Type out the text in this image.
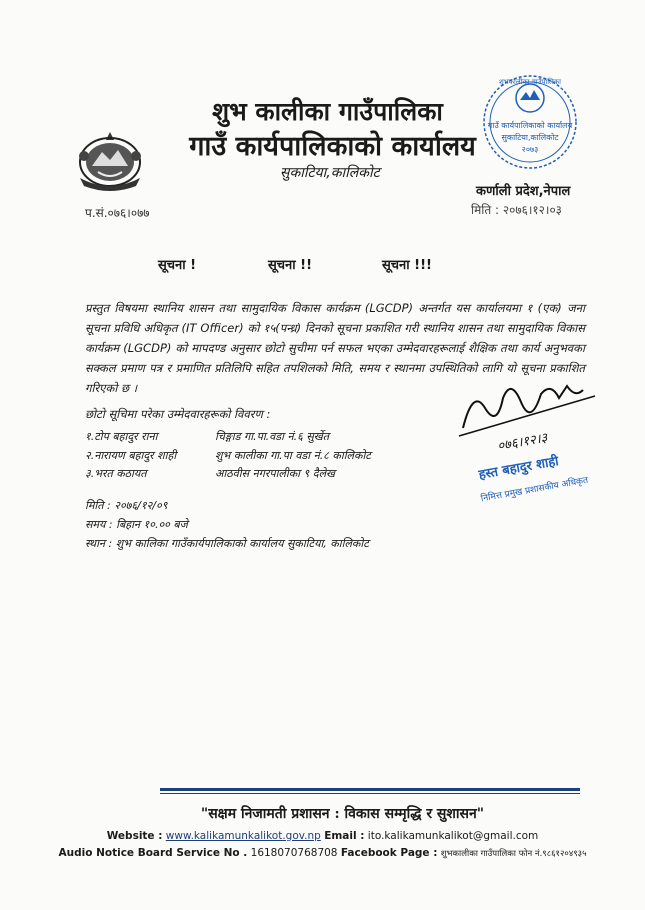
गाउँ कार्यपालिकाको कार्यालय
सुकाटिया,कालिकोट
२०७३
शुभकालीका गाउँपालिका
शुभ कालीका गाउँपालिका
गाउँ कार्यपालिकाको कार्यालय
सुकाटिया,कालिकोट
कर्णाली प्रदेश,नेपाल
मिति : २०७६।१२।०३
प.सं.०७६।०७७
सूचना !	सूचना !!	सूचना !!!
प्रस्तुत विषयमा स्थानिय शासन तथा सामुदायिक विकास कार्यक्रम (LGCDP) अन्तर्गत यस कार्यालयमा १ (एक) जना सूचना प्रविधि अधिकृत (IT Officer) को १५(पन्ध्र) दिनको सूचना प्रकाशित गरी स्थानिय शासन तथा सामुदायिक विकास कार्यक्रम (LGCDP) को मापदण्ड अनुसार छोटो सुचीमा पर्न सफल भएका उम्मेदवारहरूलाई शैक्षिक तथा कार्य अनुभवका सक्कल प्रमाण पत्र र प्रमाणित प्रतिलिपि सहित तपशिलको मिति, समय र स्थानमा उपस्थितिको लागि यो सूचना प्रकाशित गरिएको छ ।
छोटो सूचिमा परेका उम्मेदवारहरूको विवरण :
१.टोप बहादुर राना	चिङ्गाड गा.पा.वडा नं.६ सुर्खेत
२.नारायण बहादुर शाही	शुभ कालीका गा.पा वडा नं.८ कालिकोट
३.भरत कठायत	आठवीस नगरपालीका ९ दैलेख
मिति : २०७६/१२/०९
समय : बिहान १०.०० बजे
स्थान : शुभ कालिका गाउँकार्यपालिकाको कार्यालय सुकाटिया, कालिकोट
०७६।१२।३
हस्त बहादुर शाही
निमित्त प्रमुख प्रशासकीय अधिकृत
"सक्षम निजामती प्रशासन : विकास सम्मृद्धि र सुशासन"
Website : www.kalikamunkalikot.gov.np Email : ito.kalikamunkalikot@gmail.com
Audio Notice Board Service No . 1618070768708 Facebook Page : शुभकालीका गाउँपालिका फोन नं.९८६१२०४९३५
